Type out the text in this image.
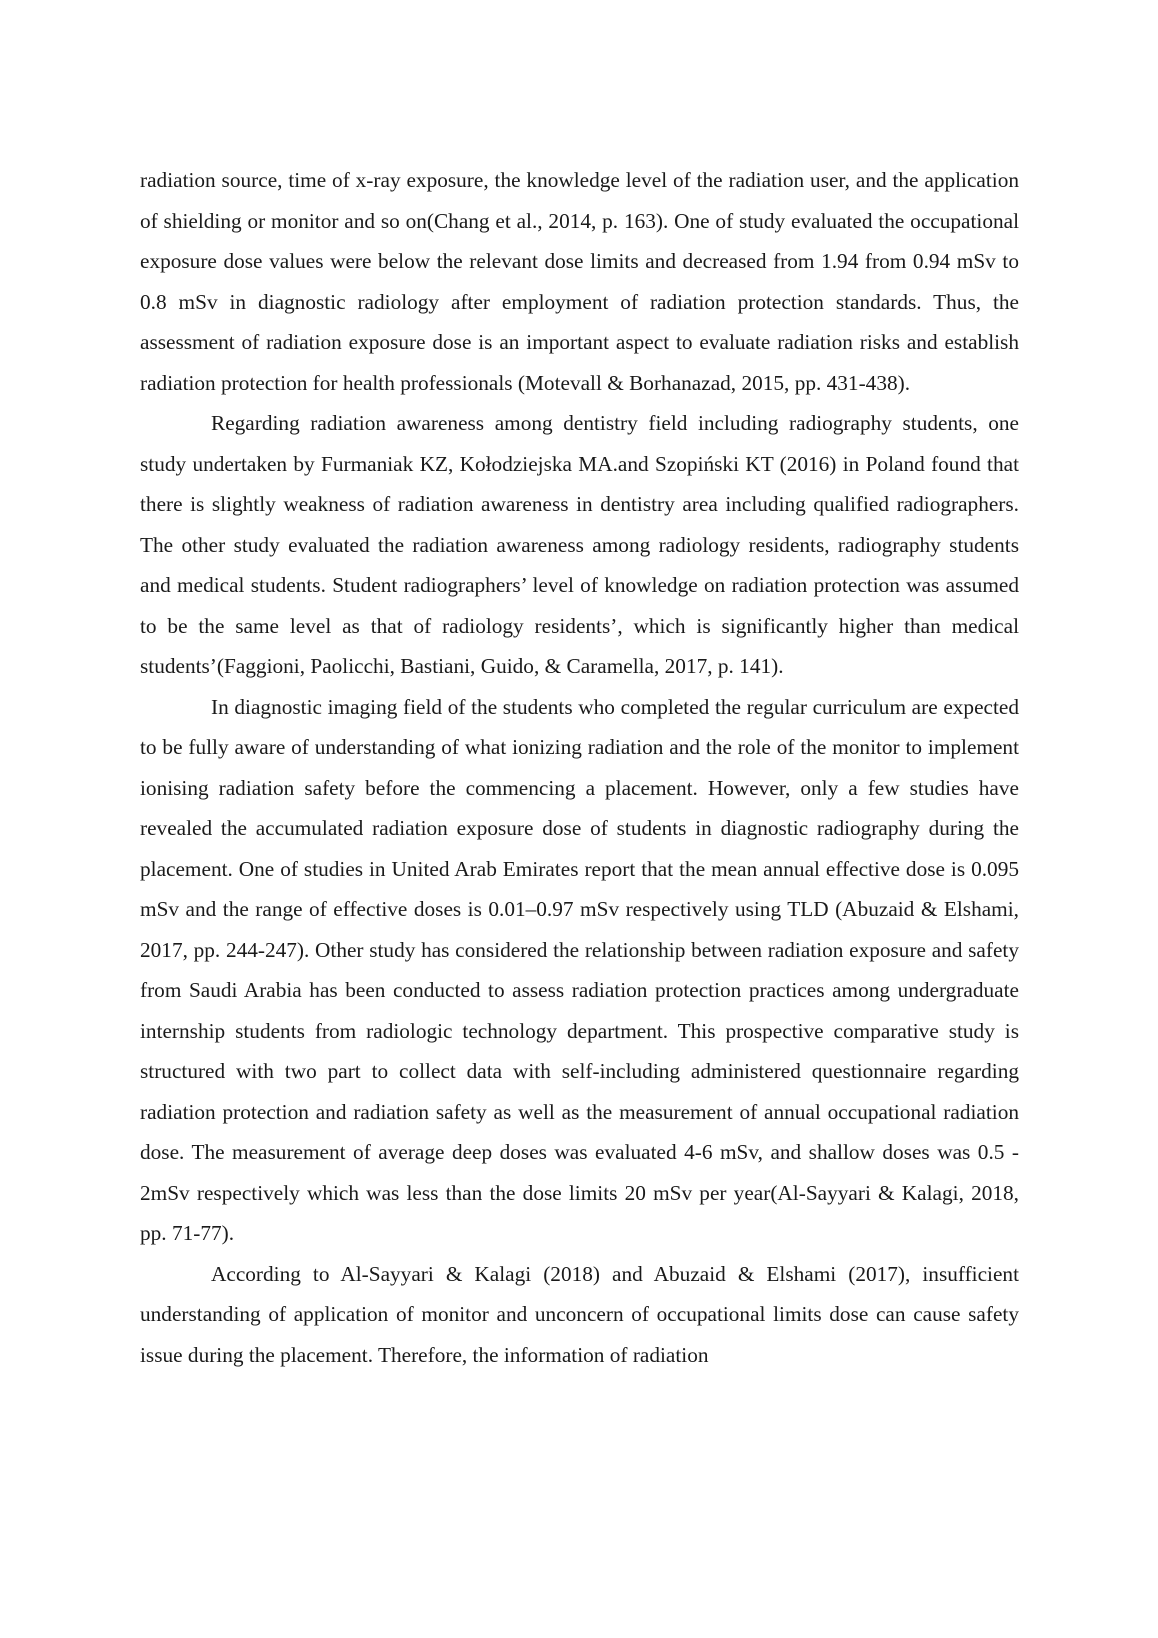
radiation source, time of x-ray exposure, the knowledge level of the radiation user, and the application of shielding or monitor and so on(Chang et al., 2014, p. 163). One of study evaluated the occupational exposure dose values were below the relevant dose limits and decreased from 1.94 from 0.94 mSv to 0.8 mSv in diagnostic radiology after employment of radiation protection standards. Thus, the assessment of radiation exposure dose is an important aspect to evaluate radiation risks and establish radiation protection for health professionals (Motevall & Borhanazad, 2015, pp. 431-438).

Regarding radiation awareness among dentistry field including radiography students, one study undertaken by Furmaniak KZ, Kołodziejska MA.and Szopiński KT (2016) in Poland found that there is slightly weakness of radiation awareness in dentistry area including qualified radiographers. The other study evaluated the radiation awareness among radiology residents, radiography students and medical students. Student radiographers’ level of knowledge on radiation protection was assumed to be the same level as that of radiology residents’, which is significantly higher than medical students’(Faggioni, Paolicchi, Bastiani, Guido, & Caramella, 2017, p. 141).

In diagnostic imaging field of the students who completed the regular curriculum are expected to be fully aware of understanding of what ionizing radiation and the role of the monitor to implement ionising radiation safety before the commencing a placement. However, only a few studies have revealed the accumulated radiation exposure dose of students in diagnostic radiography during the placement. One of studies in United Arab Emirates report that the mean annual effective dose is 0.095 mSv and the range of effective doses is 0.01–0.97 mSv respectively using TLD (Abuzaid & Elshami, 2017, pp. 244-247). Other study has considered the relationship between radiation exposure and safety from Saudi Arabia has been conducted to assess radiation protection practices among undergraduate internship students from radiologic technology department. This prospective comparative study is structured with two part to collect data with self-including administered questionnaire regarding radiation protection and radiation safety as well as the measurement of annual occupational radiation dose. The measurement of average deep doses was evaluated 4-6 mSv, and shallow doses was 0.5 - 2mSv respectively which was less than the dose limits 20 mSv per year(Al-Sayyari & Kalagi, 2018, pp. 71-77).

According to Al-Sayyari & Kalagi (2018) and Abuzaid & Elshami (2017), insufficient understanding of application of monitor and unconcern of occupational limits dose can cause safety issue during the placement. Therefore, the information of radiation
